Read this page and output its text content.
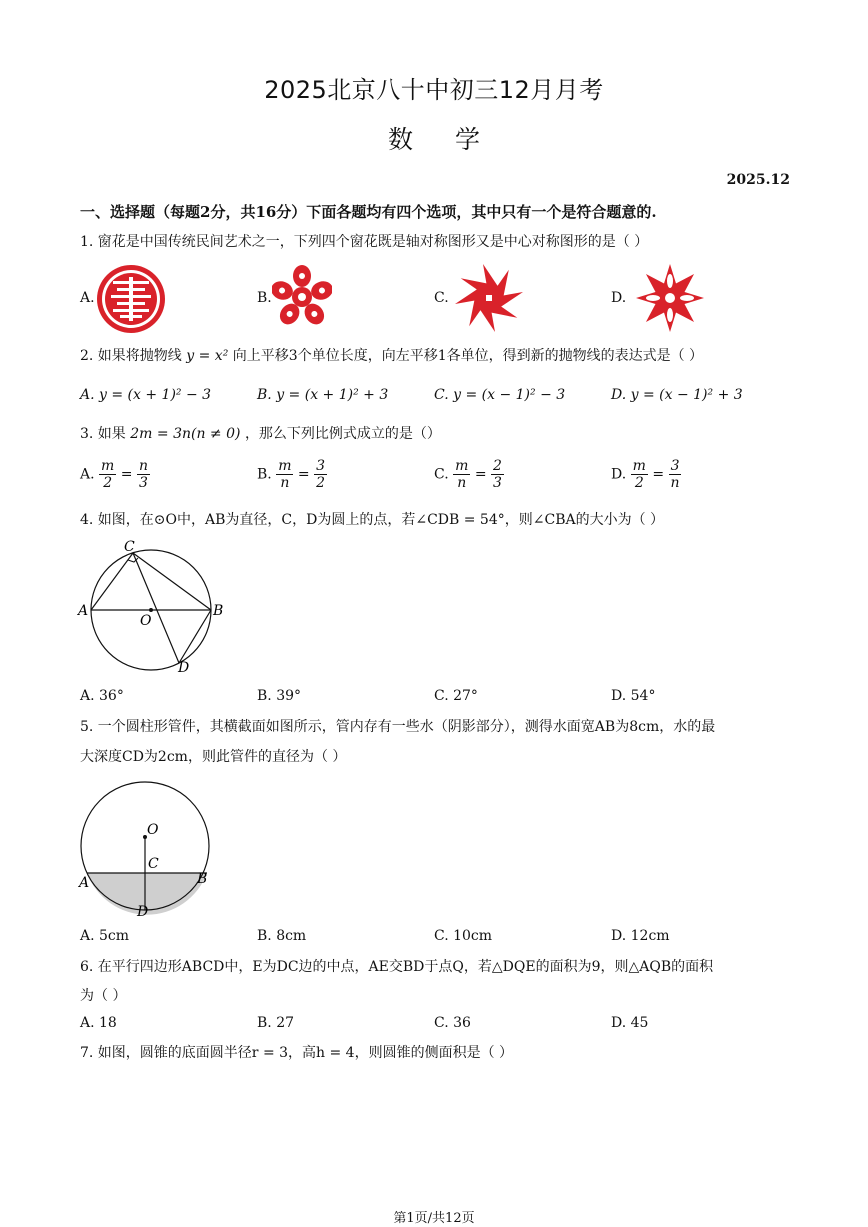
2025北京八十中初三12月月考
数学
2025.12
一、选择题（每题2分，共16分）下面各题均有四个选项，其中只有一个是符合题意的.
1. 窗花是中国传统民间艺术之一，下列四个窗花既是轴对称图形又是中心对称图形的是（ ）
A.	B.	C.	D.
2. 如果将抛物线 y = x² 向上平移3个单位长度，向左平移1各单位，得到新的抛物线的表达式是（ ）
A. y = (x + 1)² − 3	B. y = (x + 1)² + 3	C. y = (x − 1)² − 3	D. y = (x − 1)² + 3
3. 如果 2m = 3n(n ≠ 0) ，那么下列比例式成立的是（）
A. $\frac{m}{2} = \frac{n}{3}$	B. $\frac{m}{n} = \frac{3}{2}$	C. $\frac{m}{n} = \frac{2}{3}$	D. $\frac{m}{2} = \frac{3}{n}$
4. 如图，在⊙O中，AB为直径，C，D为圆上的点，若∠CDB = 54°，则∠CBA的大小为（ ）
C
A	B
O
D
A. 36°	B. 39°	C. 27°	D. 54°
5. 一个圆柱形管件，其横截面如图所示，管内存有一些水（阴影部分），测得水面宽AB为8cm，水的最
大深度CD为2cm，则此管件的直径为（ ）
O
C
A	B
D
A. 5cm	B. 8cm	C. 10cm	D. 12cm
6. 在平行四边形ABCD中，E为DC边的中点，AE交BD于点Q，若△DQE的面积为9，则△AQB的面积
为（ ）
A. 18	B. 27	C. 36	D. 45
7. 如图，圆锥的底面圆半径r = 3，高h = 4，则圆锥的侧面积是（ ）
第1页/共12页
